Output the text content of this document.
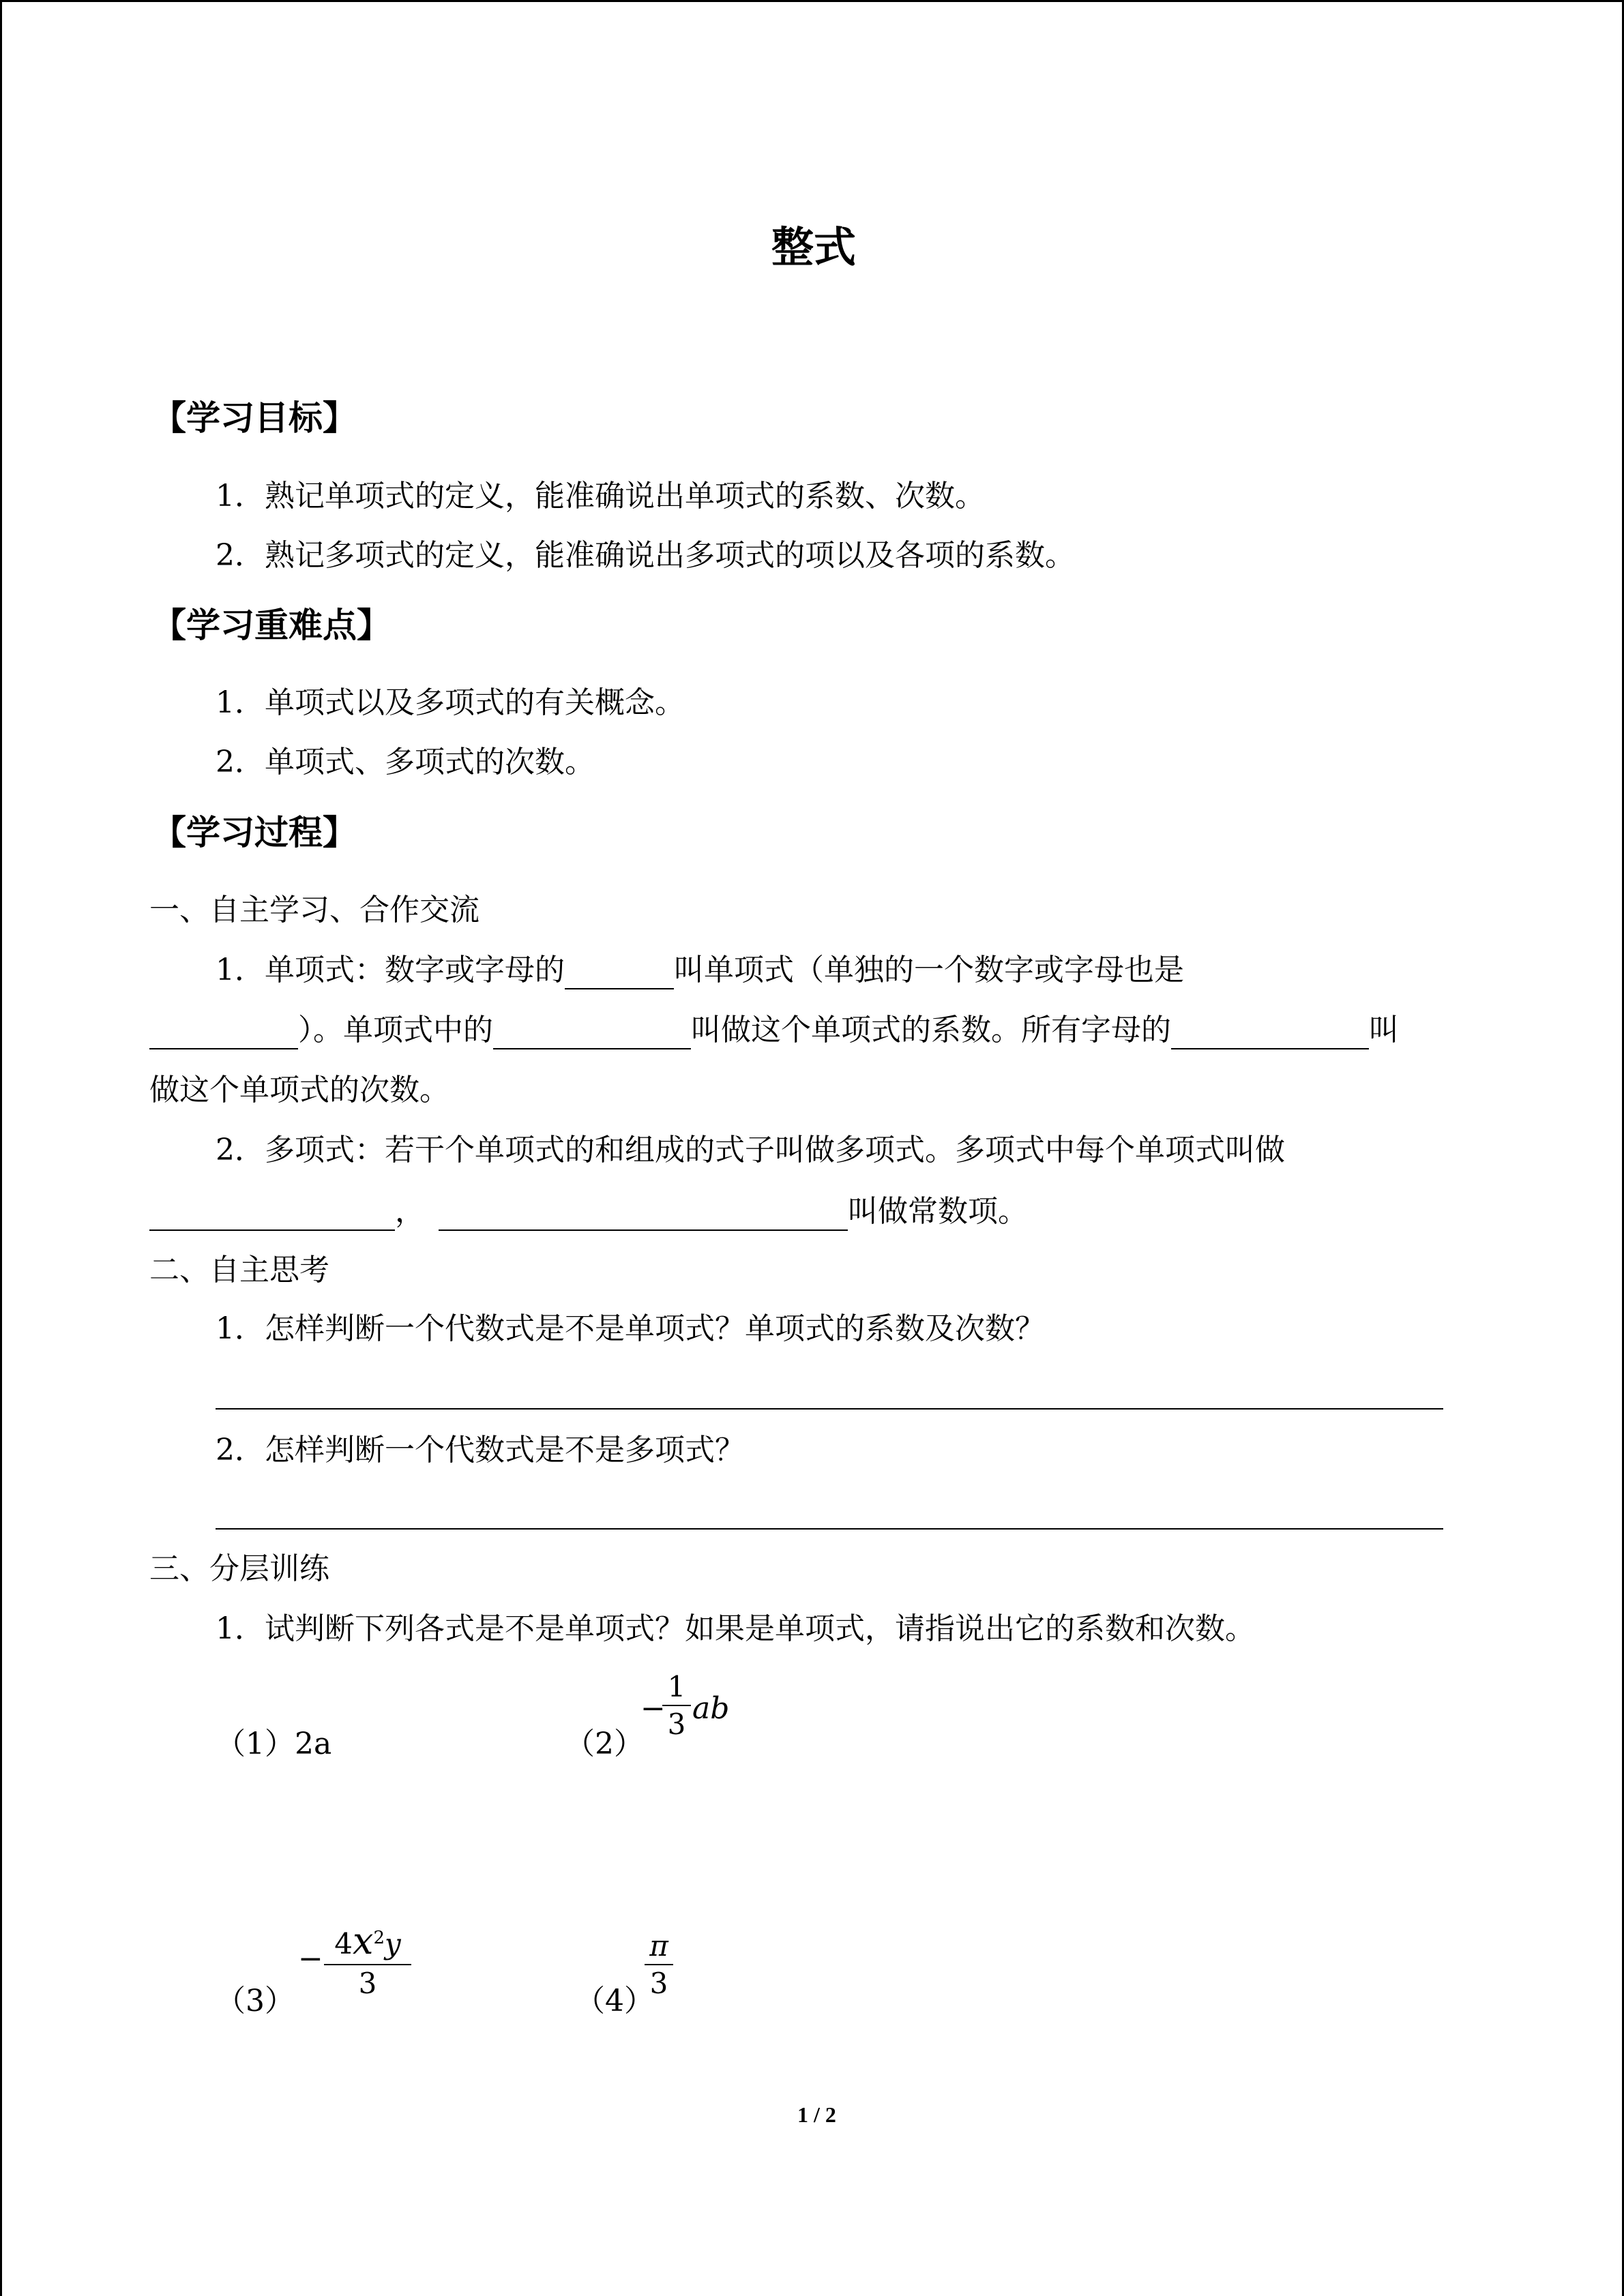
整式
【学习目标】
1．熟记单项式的定义，能准确说出单项式的系数、次数。
2．熟记多项式的定义，能准确说出多项式的项以及各项的系数。
【学习重难点】
1．单项式以及多项式的有关概念。
2．单项式、多项式的次数。
【学习过程】
一、自主学习、合作交流
1．单项式：数字或字母的	叫单项式（单独的一个数字或字母也是
）。单项式中的	叫做这个单项式的系数。所有字母的	叫
做这个单项式的次数。
2．多项式：若干个单项式的和组成的式子叫做多项式。多项式中每个单项式叫做
，	叫做常数项。
二、自主思考
1．怎样判断一个代数式是不是单项式？单项式的系数及次数？
2．怎样判断一个代数式是不是多项式？
三、分层训练
1．试判断下列各式是不是单项式？如果是单项式，请指说出它的系数和次数。
（1）2a	（2）
−
1
3 ab
（3）
− $4x^2y$
3
（4）
π
3
1 / 2
